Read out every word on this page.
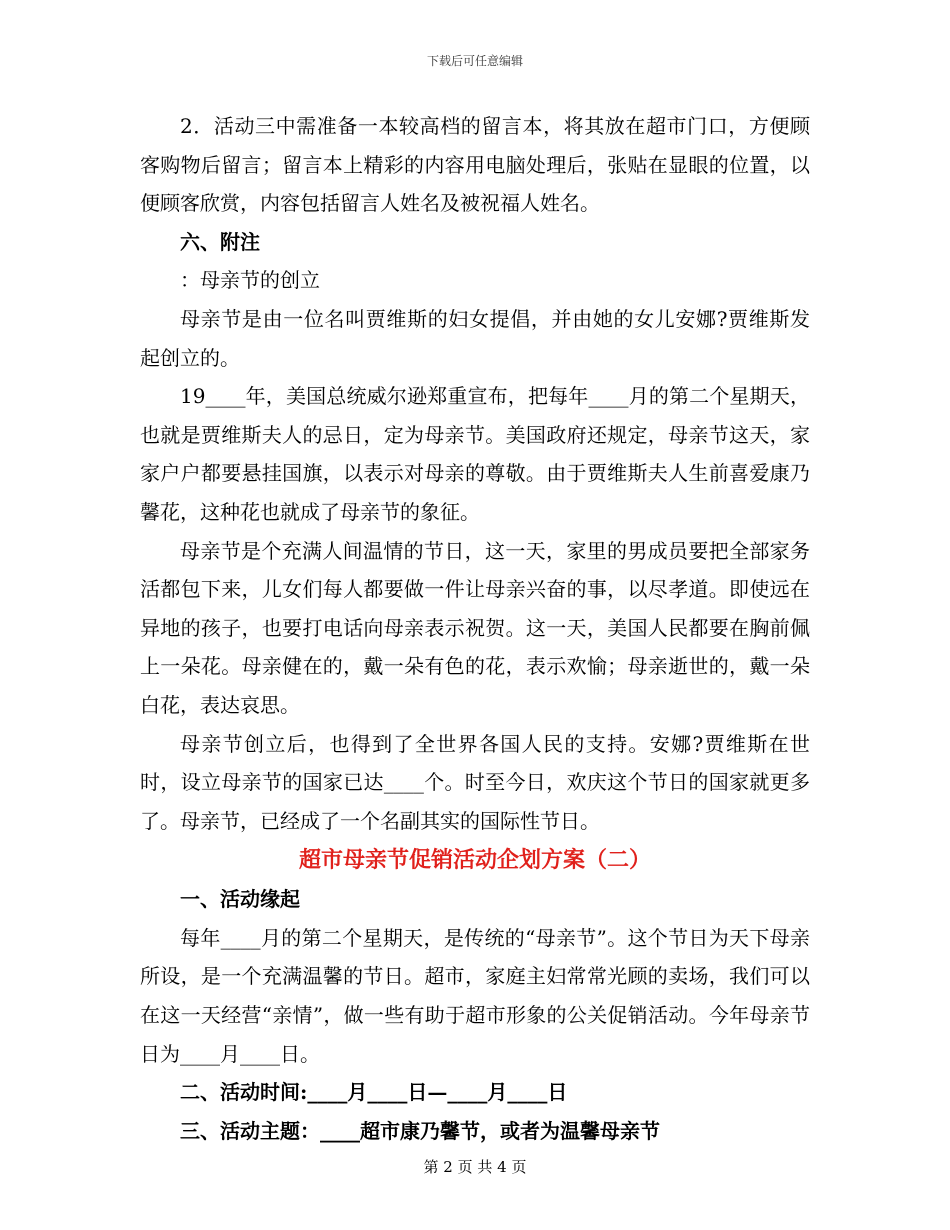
下载后可任意编辑

2．活动三中需准备一本较高档的留言本，将其放在超市门口，方便顾客购物后留言；留言本上精彩的内容用电脑处理后，张贴在显眼的位置，以便顾客欣赏，内容包括留言人姓名及被祝福人姓名。

六、附注

：母亲节的创立

母亲节是由一位名叫贾维斯的妇女提倡，并由她的女儿安娜?贾维斯发起创立的。

19____年，美国总统威尔逊郑重宣布，把每年____月的第二个星期天，也就是贾维斯夫人的忌日，定为母亲节。美国政府还规定，母亲节这天，家家户户都要悬挂国旗，以表示对母亲的尊敬。由于贾维斯夫人生前喜爱康乃馨花，这种花也就成了母亲节的象征。

母亲节是个充满人间温情的节日，这一天，家里的男成员要把全部家务活都包下来，儿女们每人都要做一件让母亲兴奋的事，以尽孝道。即使远在异地的孩子，也要打电话向母亲表示祝贺。这一天，美国人民都要在胸前佩上一朵花。母亲健在的，戴一朵有色的花，表示欢愉；母亲逝世的，戴一朵白花，表达哀思。

母亲节创立后，也得到了全世界各国人民的支持。安娜?贾维斯在世时，设立母亲节的国家已达____个。时至今日，欢庆这个节日的国家就更多了。母亲节，已经成了一个名副其实的国际性节日。

超市母亲节促销活动企划方案（二）

一、活动缘起

每年____月的第二个星期天，是传统的“母亲节”。这个节日为天下母亲所设，是一个充满温馨的节日。超市，家庭主妇常常光顾的卖场，我们可以在这一天经营“亲情”，做一些有助于超市形象的公关促销活动。今年母亲节日为____月____日。

二、活动时间:____月____日—____月____日

三、活动主题：____超市康乃馨节，或者为温馨母亲节

第 2 页 共 4 页
